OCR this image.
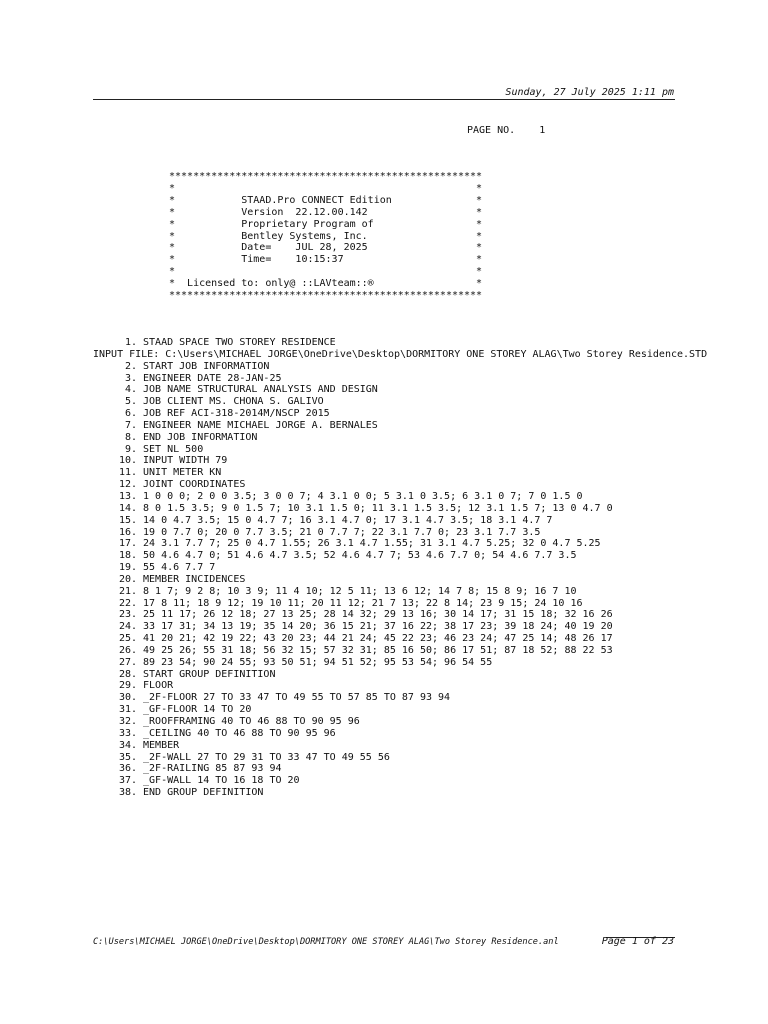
Sunday, 27 July 2025 1:11 pm
PAGE NO.    1
****************************************************
*                                                  *
*           STAAD.Pro CONNECT Edition              *
*           Version  22.12.00.142                  *
*           Proprietary Program of                 *
*           Bentley Systems, Inc.                  *
*           Date=    JUL 28, 2025                  *
*           Time=    10:15:37                      *
*                                                  *
*  Licensed to: only@ ::LAVteam::®                 *
****************************************************
1. STAAD SPACE TWO STOREY RESIDENCE
INPUT FILE: C:\Users\MICHAEL JORGE\OneDrive\Desktop\DORMITORY ONE STOREY ALAG\Two Storey Residence.STD
2. START JOB INFORMATION
3. ENGINEER DATE 28-JAN-25
4. JOB NAME STRUCTURAL ANALYSIS AND DESIGN
5. JOB CLIENT MS. CHONA S. GALIVO
6. JOB REF ACI-318-2014M/NSCP 2015
7. ENGINEER NAME MICHAEL JORGE A. BERNALES
8. END JOB INFORMATION
9. SET NL 500
10. INPUT WIDTH 79
11. UNIT METER KN
12. JOINT COORDINATES
13. 1 0 0 0; 2 0 0 3.5; 3 0 0 7; 4 3.1 0 0; 5 3.1 0 3.5; 6 3.1 0 7; 7 0 1.5 0
14. 8 0 1.5 3.5; 9 0 1.5 7; 10 3.1 1.5 0; 11 3.1 1.5 3.5; 12 3.1 1.5 7; 13 0 4.7 0
15. 14 0 4.7 3.5; 15 0 4.7 7; 16 3.1 4.7 0; 17 3.1 4.7 3.5; 18 3.1 4.7 7
16. 19 0 7.7 0; 20 0 7.7 3.5; 21 0 7.7 7; 22 3.1 7.7 0; 23 3.1 7.7 3.5
17. 24 3.1 7.7 7; 25 0 4.7 1.55; 26 3.1 4.7 1.55; 31 3.1 4.7 5.25; 32 0 4.7 5.25
18. 50 4.6 4.7 0; 51 4.6 4.7 3.5; 52 4.6 4.7 7; 53 4.6 7.7 0; 54 4.6 7.7 3.5
19. 55 4.6 7.7 7
20. MEMBER INCIDENCES
21. 8 1 7; 9 2 8; 10 3 9; 11 4 10; 12 5 11; 13 6 12; 14 7 8; 15 8 9; 16 7 10
22. 17 8 11; 18 9 12; 19 10 11; 20 11 12; 21 7 13; 22 8 14; 23 9 15; 24 10 16
23. 25 11 17; 26 12 18; 27 13 25; 28 14 32; 29 13 16; 30 14 17; 31 15 18; 32 16 26
24. 33 17 31; 34 13 19; 35 14 20; 36 15 21; 37 16 22; 38 17 23; 39 18 24; 40 19 20
25. 41 20 21; 42 19 22; 43 20 23; 44 21 24; 45 22 23; 46 23 24; 47 25 14; 48 26 17
26. 49 25 26; 55 31 18; 56 32 15; 57 32 31; 85 16 50; 86 17 51; 87 18 52; 88 22 53
27. 89 23 54; 90 24 55; 93 50 51; 94 51 52; 95 53 54; 96 54 55
28. START GROUP DEFINITION
29. FLOOR
30. _2F-FLOOR 27 TO 33 47 TO 49 55 TO 57 85 TO 87 93 94
31. _GF-FLOOR 14 TO 20
32. _ROOFFRAMING 40 TO 46 88 TO 90 95 96
33. _CEILING 40 TO 46 88 TO 90 95 96
34. MEMBER
35. _2F-WALL 27 TO 29 31 TO 33 47 TO 49 55 56
36. _2F-RAILING 85 87 93 94
37. _GF-WALL 14 TO 16 18 TO 20
38. END GROUP DEFINITION
C:\Users\MICHAEL JORGE\OneDrive\Desktop\DORMITORY ONE STOREY ALAG\Two Storey Residence.anl	Page 1 of 23
